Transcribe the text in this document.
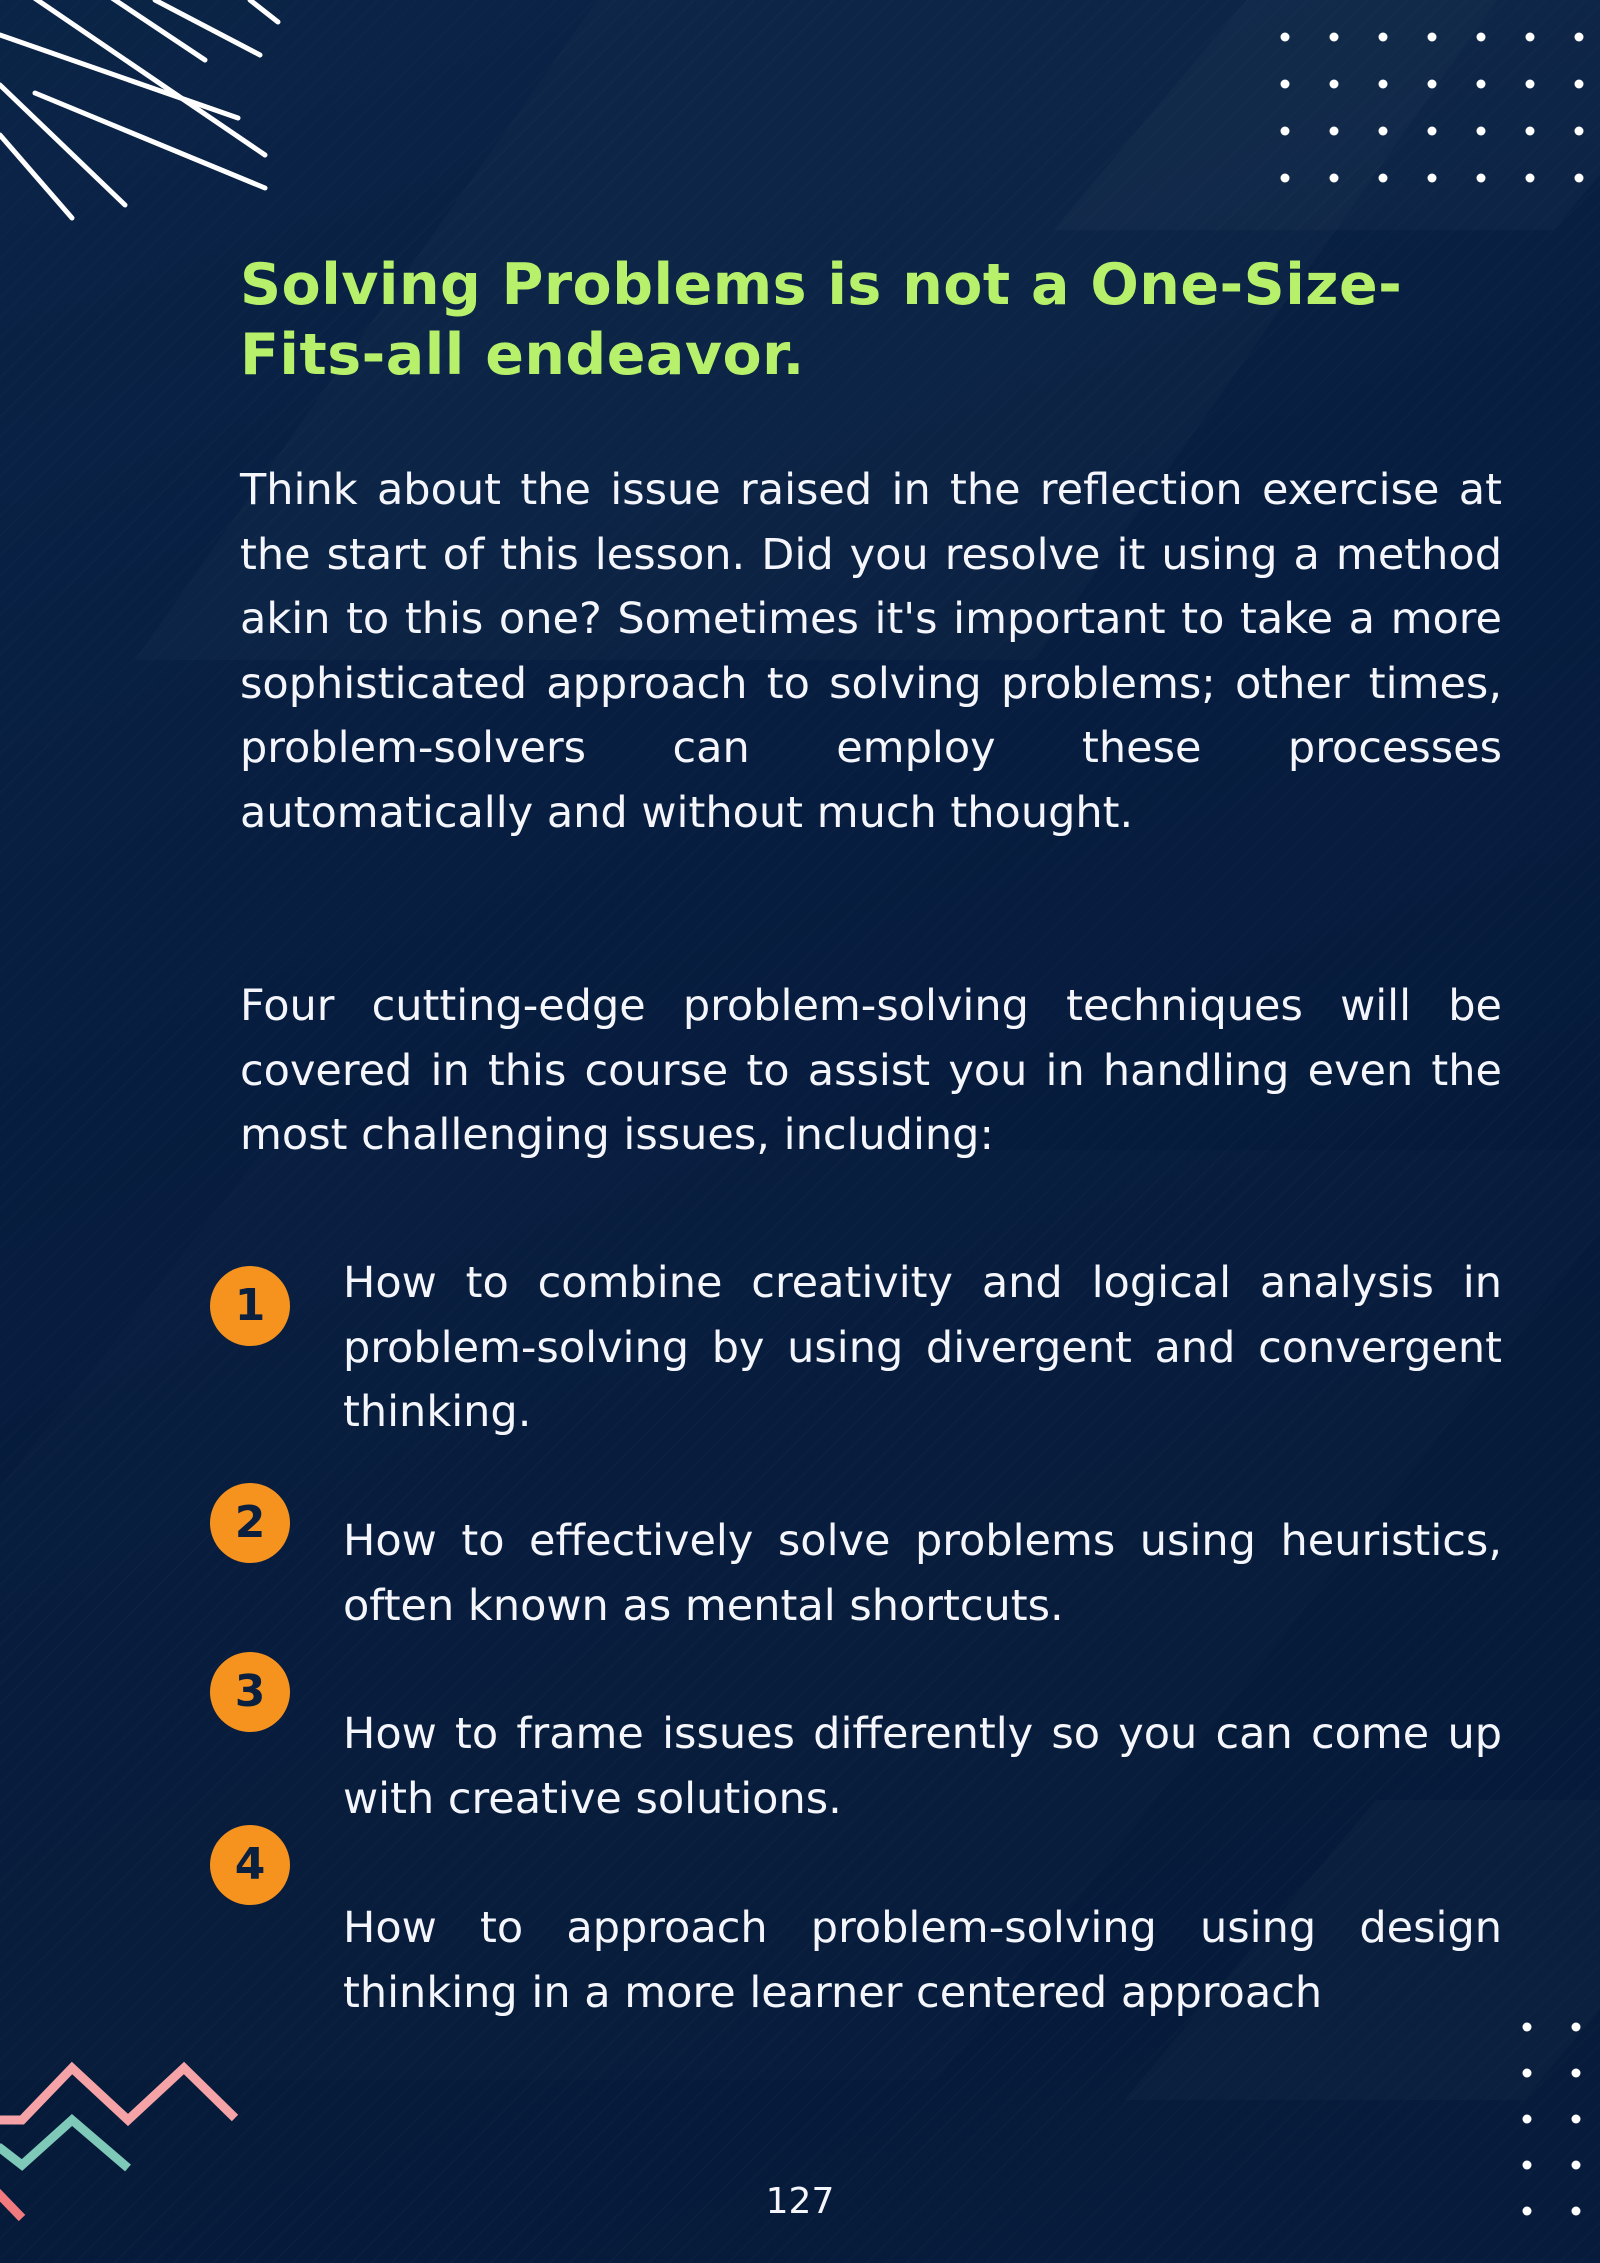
Solving Problems is not a One-Size-Fits-all endeavor.

Think about the issue raised in the reflection exercise at the start of this lesson. Did you resolve it using a method akin to this one? Sometimes it's important to take a more sophisticated approach to solving problems; other times, problem-solvers can employ these processes automatically and without much thought.

Four cutting-edge problem-solving techniques will be covered in this course to assist you in handling even the most challenging issues, including:

1	How to combine creativity and logical analysis in problem-solving by using divergent and convergent thinking.

2	How to effectively solve problems using heuristics, often known as mental shortcuts.

3

How to frame issues differently so you can come up with creative solutions.

4

How to approach problem-solving using design thinking in a more learner centered approach

127
